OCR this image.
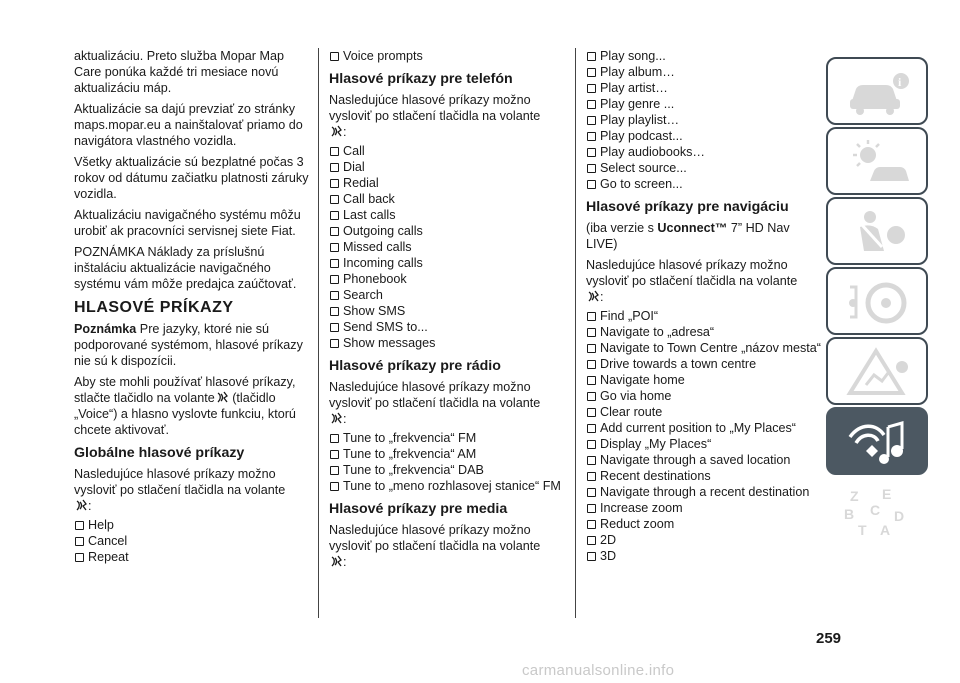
aktualizáciu. Preto služba Mopar Map Care ponúka každé tri mesiace novú aktualizáciu máp.

Aktualizácie sa dajú prevziať zo stránky maps.mopar.eu a nainštalovať priamo do navigátora vlastného vozidla.

Všetky aktualizácie sú bezplatné počas 3 rokov od dátumu začiatku platnosti záruky vozidla.

Aktualizáciu navigačného systému môžu urobiť ak pracovníci servisnej siete Fiat.

POZNÁMKA Náklady za príslušnú inštaláciu aktualizácie navigačného systému vám môže predajca zaúčtovať.

HLASOVÉ PRÍKAZY

Poznámka Pre jazyky, ktoré nie sú podporované systémom, hlasové príkazy nie sú k dispozícii.

Aby ste mohli používať hlasové príkazy, stlačte tlačidlo na volante
(tlačidlo „Voice“) a hlasno vyslovte funkciu, ktorú chcete aktivovať.

Globálne hlasové príkazy

Nasledujúce hlasové príkazy možno vysloviť po stlačení tlačidla na volante

:
Help
Cancel
Repeat
Voice prompts
Hlasové príkazy pre telefón

Nasledujúce hlasové príkazy možno vysloviť po stlačení tlačidla na volante

:
Call
Dial
Redial
Call back
Last calls
Outgoing calls
Missed calls
Incoming calls
Phonebook
Search
Show SMS
Send SMS to...
Show messages
Hlasové príkazy pre rádio

Nasledujúce hlasové príkazy možno vysloviť po stlačení tlačidla na volante

:
Tune to „frekvencia“ FM
Tune to „frekvencia“ AM
Tune to „frekvencia“ DAB
Tune to „meno rozhlasovej stanice“ FM
Hlasové príkazy pre media

Nasledujúce hlasové príkazy možno vysloviť po stlačení tlačidla na volante

:
Play song...
Play album…
Play artist…
Play genre ...
Play playlist…
Play podcast...
Play audiobooks…
Select source...
Go to screen...
Hlasové príkazy pre navigáciu

(iba verzie s Uconnect™ 7” HD Nav LIVE)

Nasledujúce hlasové príkazy možno vysloviť po stlačení tlačidla na volante

:
Find „POI“
Navigate to „adresa“
Navigate to Town Centre „názov mesta“
Drive towards a town centre
Navigate home
Go via home
Clear route
Add current position to „My Places“
Display „My Places“
Navigate through a saved location
Recent destinations
Navigate through a recent destination
Increase zoom
Reduct zoom
2D
3D
i
Z E
B C D
T A
259
carmanualsonline.info
